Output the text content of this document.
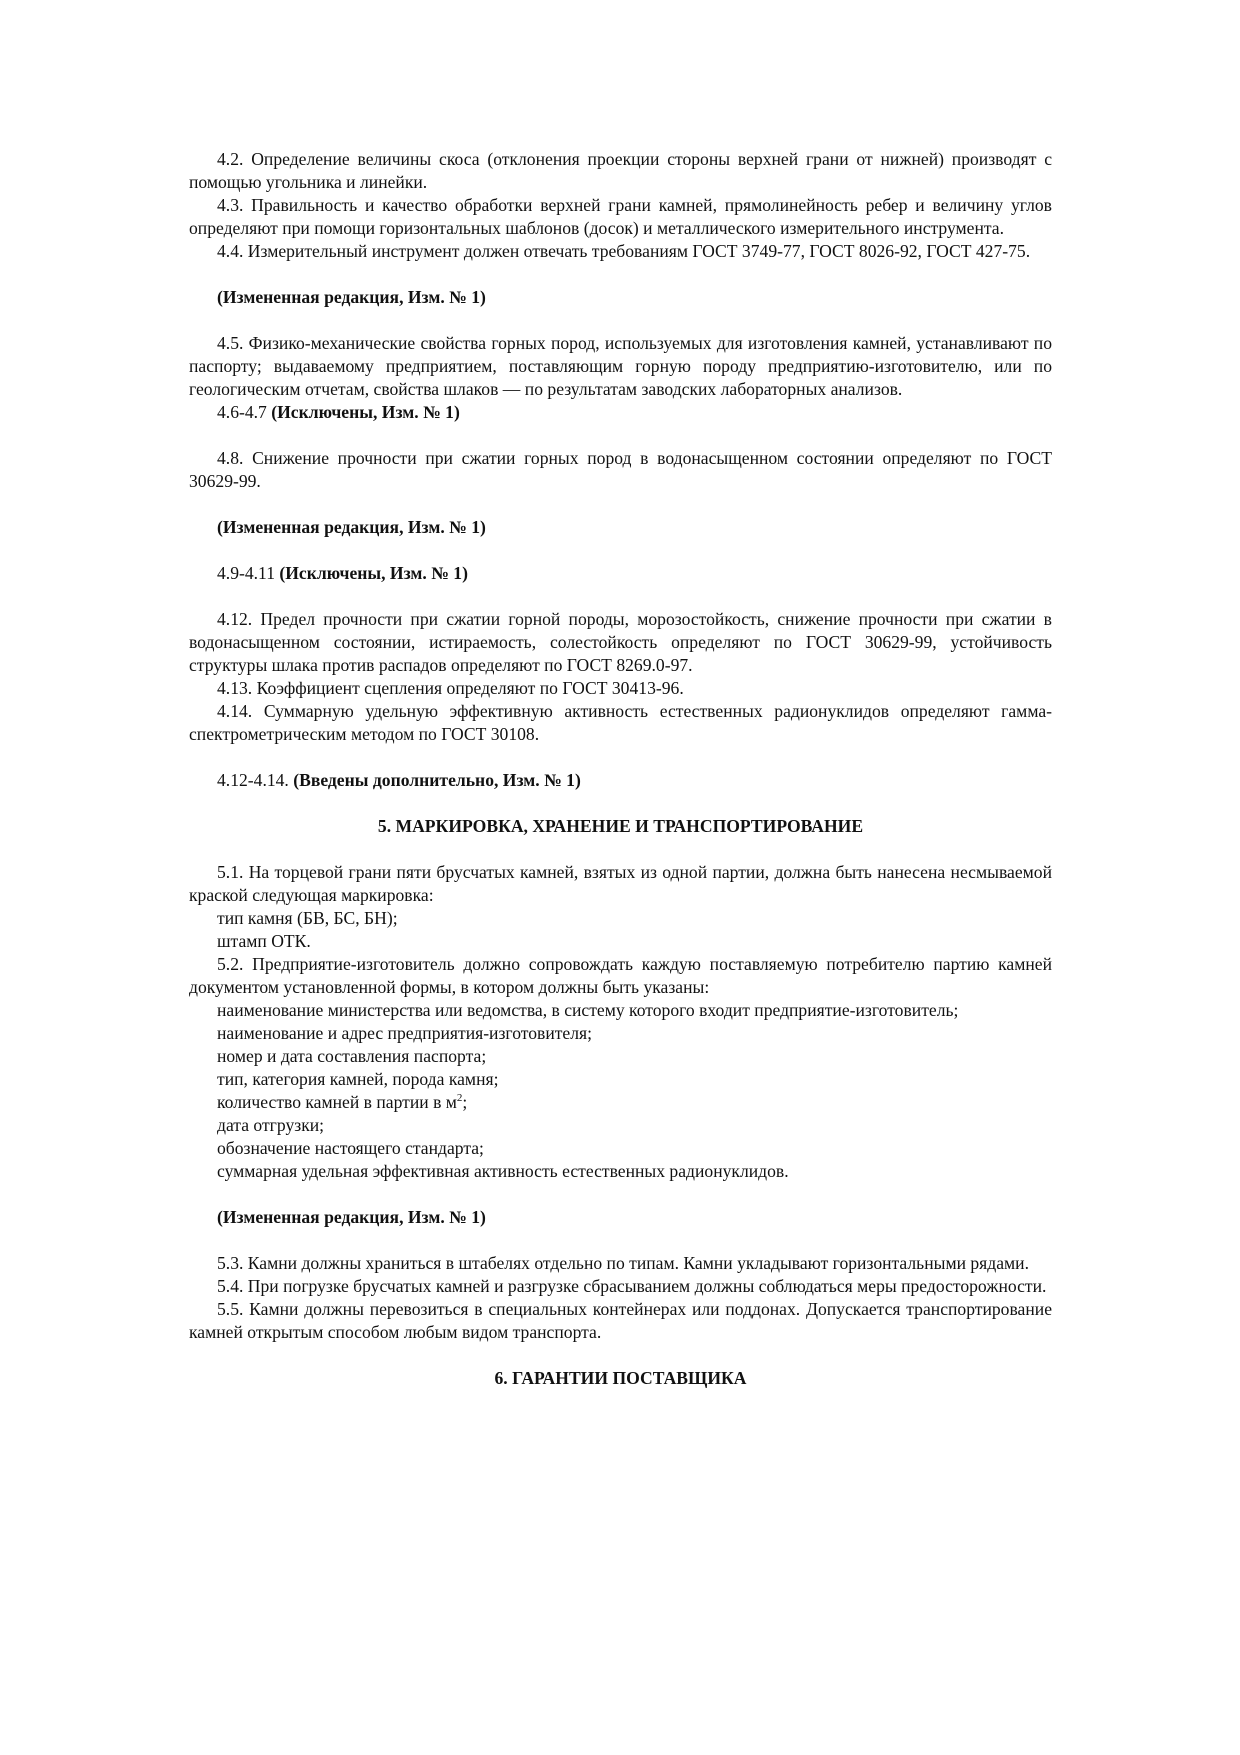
4.2. Определение величины скоса (отклонения проекции стороны верхней грани от нижней) производят с помощью угольника и линейки.

4.3. Правильность и качество обработки верхней грани камней, прямолинейность ребер и величину углов определяют при помощи горизонтальных шаблонов (досок) и металлического измерительного инструмента.

4.4. Измерительный инструмент должен отвечать требованиям ГОСТ 3749-77, ГОСТ 8026-92, ГОСТ 427-75.

(Измененная редакция, Изм. № 1)

4.5. Физико-механические свойства горных пород, используемых для изготовления камней, устанавливают по паспорту; выдаваемому предприятием, поставляющим горную породу предприятию-изготовителю, или по геологическим отчетам, свойства шлаков — по результатам заводских лабораторных анализов.

4.6-4.7 (Исключены, Изм. № 1)

4.8. Снижение прочности при сжатии горных пород в водонасыщенном состоянии определяют по ГОСТ 30629-99.

(Измененная редакция, Изм. № 1)

4.9-4.11 (Исключены, Изм. № 1)

4.12. Предел прочности при сжатии горной породы, морозостойкость, снижение прочности при сжатии в водонасыщенном состоянии, истираемость, солестойкость определяют по ГОСТ 30629-99, устойчивость структуры шлака против распадов определяют по ГОСТ 8269.0-97.

4.13. Коэффициент сцепления определяют по ГОСТ 30413-96.

4.14. Суммарную удельную эффективную активность естественных радионуклидов определяют гамма-спектрометрическим методом по ГОСТ 30108.

4.12-4.14. (Введены дополнительно, Изм. № 1)

5. МАРКИРОВКА, ХРАНЕНИЕ И ТРАНСПОРТИРОВАНИЕ

5.1. На торцевой грани пяти брусчатых камней, взятых из одной партии, должна быть нанесена несмываемой краской следующая маркировка:

тип камня (БВ, БС, БН);

штамп ОТК.

5.2. Предприятие-изготовитель должно сопровождать каждую поставляемую потребителю партию камней документом установленной формы, в котором должны быть указаны:

наименование министерства или ведомства, в систему которого входит предприятие-изготовитель;

наименование и адрес предприятия-изготовителя;

номер и дата составления паспорта;

тип, категория камней, порода камня;

количество камней в партии в $м^2$;

дата отгрузки;

обозначение настоящего стандарта;

суммарная удельная эффективная активность естественных радионуклидов.

(Измененная редакция, Изм. № 1)

5.3. Камни должны храниться в штабелях отдельно по типам. Камни укладывают горизонтальными рядами.

5.4. При погрузке брусчатых камней и разгрузке сбрасыванием должны соблюдаться меры предосторожности.

5.5. Камни должны перевозиться в специальных контейнерах или поддонах. Допускается транспортирование камней открытым способом любым видом транспорта.

6. ГАРАНТИИ ПОСТАВЩИКА
